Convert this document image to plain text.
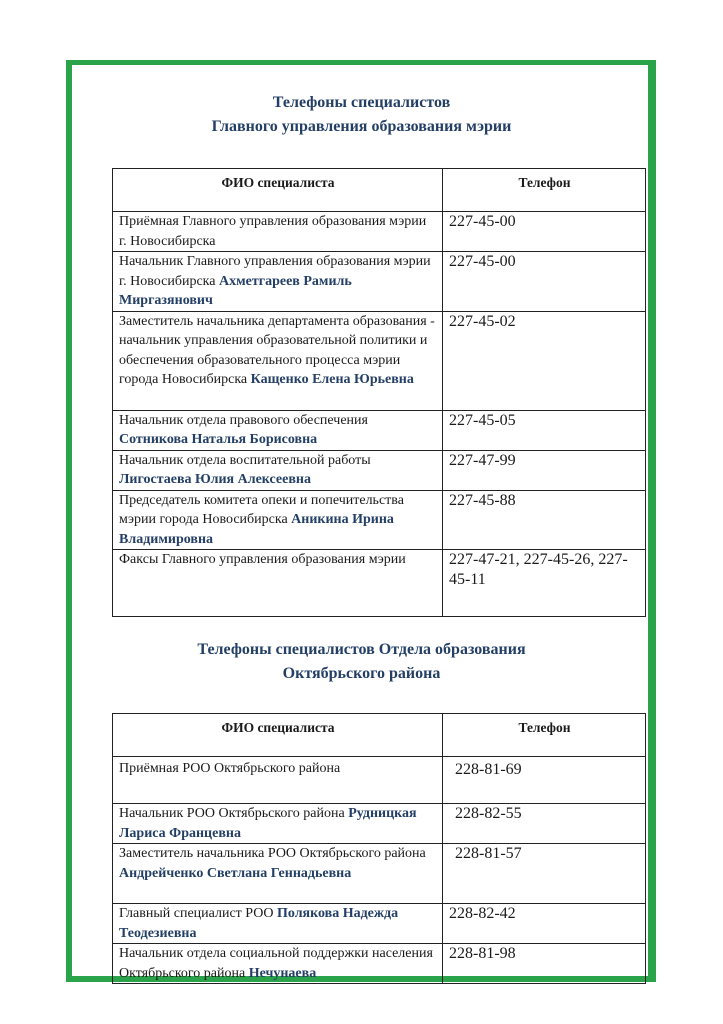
Телефоны специалистов
Главного управления образования мэрии
ФИО специалиста	Телефон
Приёмная Главного управления образования мэрии г. Новосибирска	227-45-00
Начальник Главного управления образования мэрии г. Новосибирска Ахметгареев Рамиль Миргазянович	227-45-00
Заместитель начальника департамента образования - начальник управления образовательной политики и обеспечения образовательного процесса мэрии города Новосибирска Кащенко Елена Юрьевна	227-45-02
Начальник отдела правового обеспечения Сотникова Наталья Борисовна	227-45-05
Начальник отдела воспитательной работы Лигостаева Юлия Алексеевна	227-47-99
Председатель комитета опеки и попечительства мэрии города Новосибирска Аникина Ирина Владимировна	227-45-88
Факсы Главного управления образования мэрии	227-47-21, 227-45-26, 227-45-11
Телефоны специалистов Отдела образования
Октябрьского района
ФИО специалиста	Телефон
Приёмная РОО Октябрьского района	228-81-69
Начальник РОО Октябрьского района Рудницкая Лариса Францевна	228-82-55
Заместитель начальника РОО Октябрьского района Андрейченко Светлана Геннадьевна	228-81-57
Главный специалист РОО Полякова Надежда Теодезиевна	228-82-42
Начальник отдела социальной поддержки населения Октябрьского района Нечунаева	228-81-98
